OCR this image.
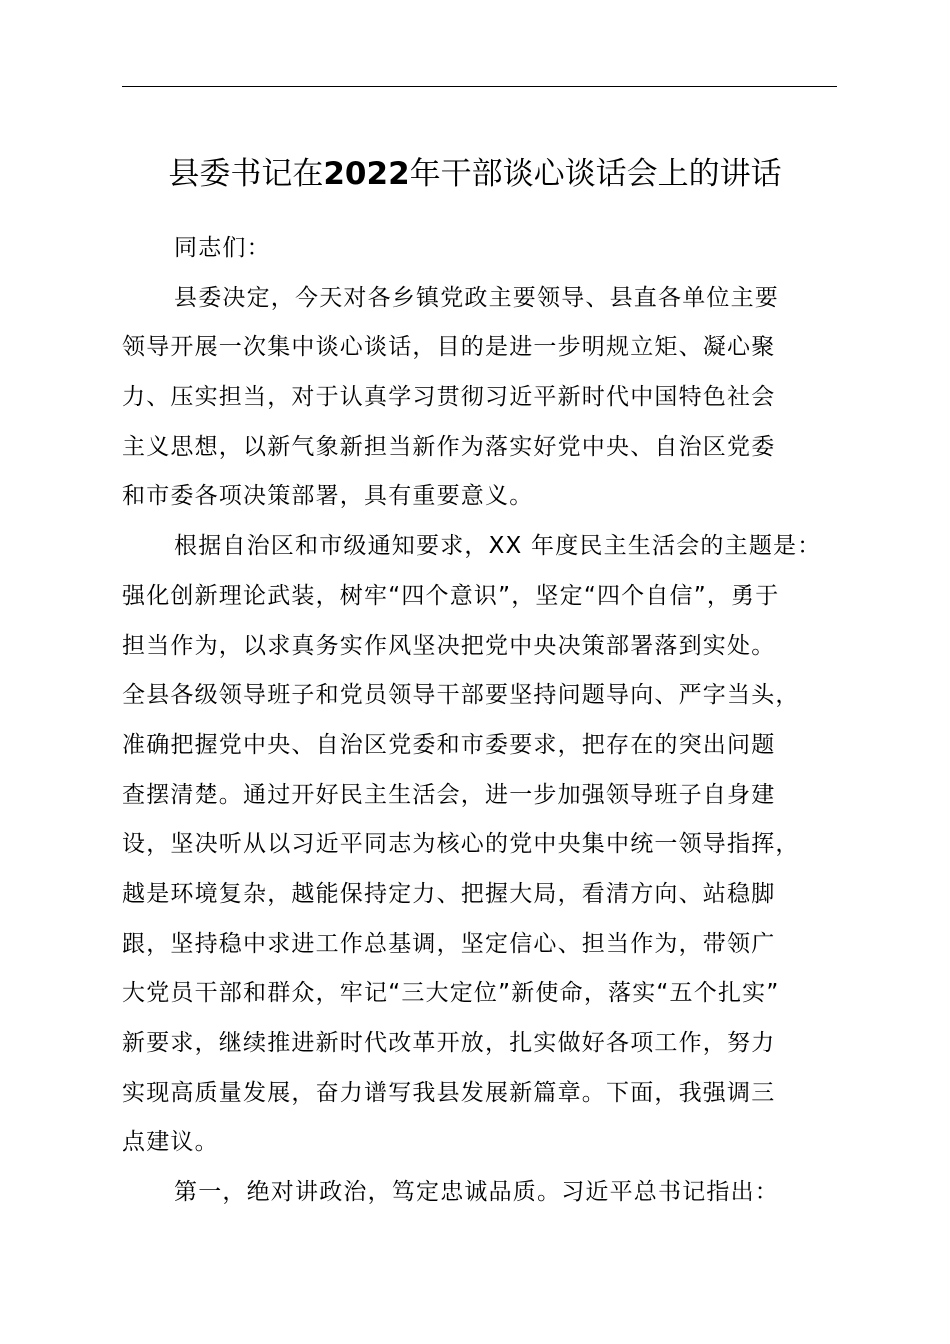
县委书记在2022年干部谈心谈话会上的讲话
同志们：
县委决定，今天对各乡镇党政主要领导、县直各单位主要
领导开展一次集中谈心谈话，目的是进一步明规立矩、凝心聚
力、压实担当，对于认真学习贯彻习近平新时代中国特色社会
主义思想，以新气象新担当新作为落实好党中央、自治区党委
和市委各项决策部署，具有重要意义。
根据自治区和市级通知要求，XX 年度民主生活会的主题是：
强化创新理论武装，树牢“四个意识”，坚定“四个自信”，勇于
担当作为，以求真务实作风坚决把党中央决策部署落到实处。
全县各级领导班子和党员领导干部要坚持问题导向、严字当头，
准确把握党中央、自治区党委和市委要求，把存在的突出问题
查摆清楚。通过开好民主生活会，进一步加强领导班子自身建
设，坚决听从以习近平同志为核心的党中央集中统一领导指挥，
越是环境复杂，越能保持定力、把握大局，看清方向、站稳脚
跟，坚持稳中求进工作总基调，坚定信心、担当作为，带领广
大党员干部和群众，牢记“三大定位”新使命，落实“五个扎实”
新要求，继续推进新时代改革开放，扎实做好各项工作，努力
实现高质量发展，奋力谱写我县发展新篇章。下面，我强调三
点建议。
第一，绝对讲政治，笃定忠诚品质。习近平总书记指出：
